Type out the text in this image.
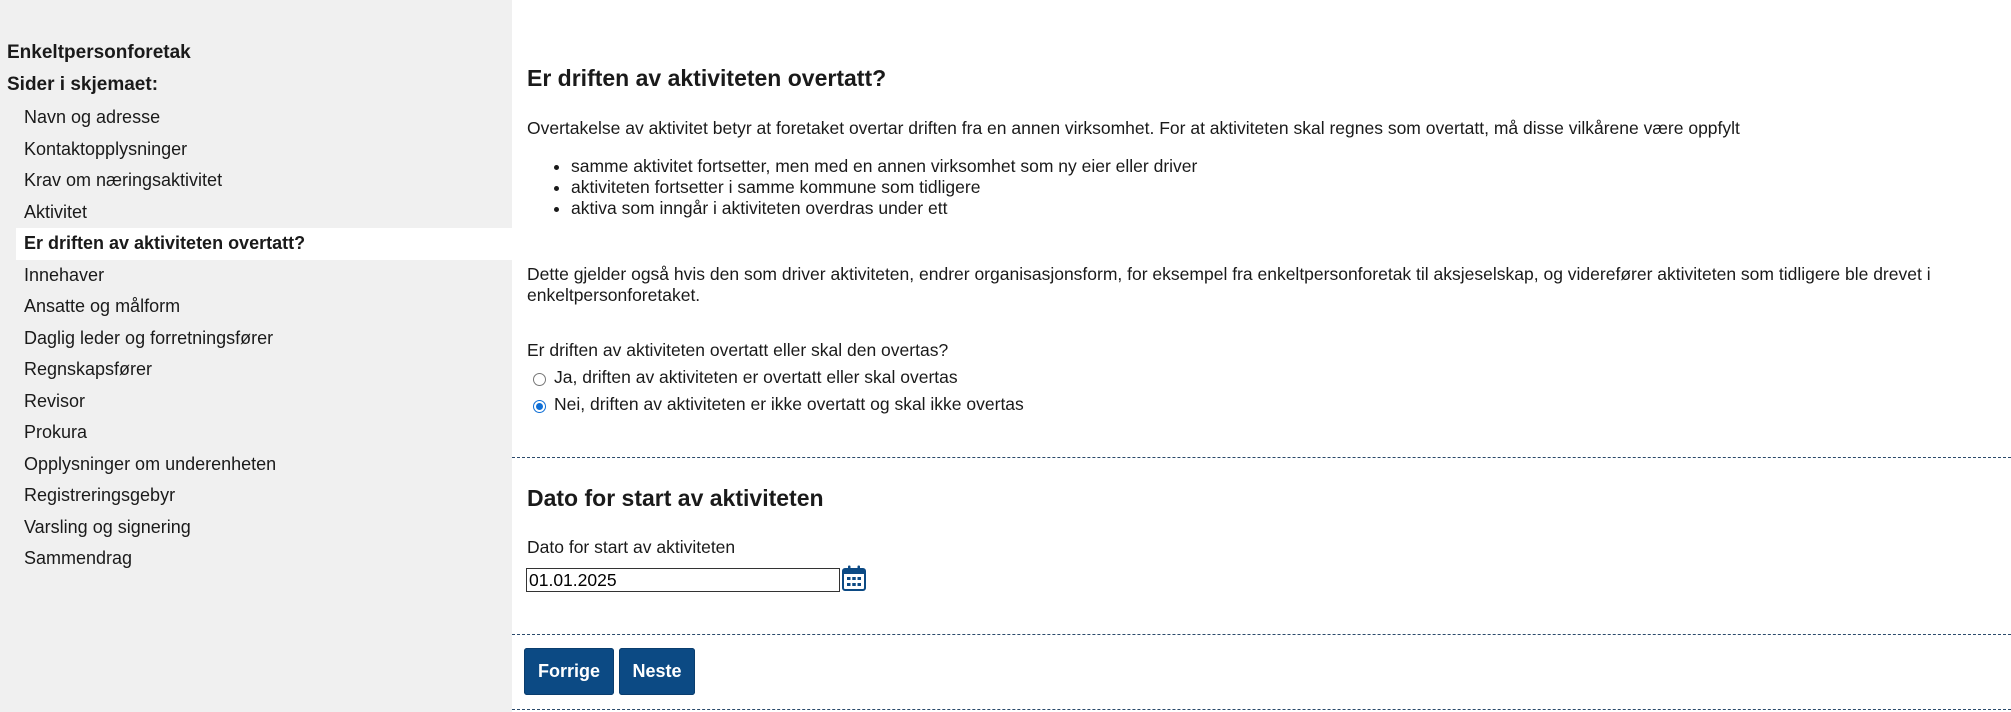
Enkeltpersonforetak
Sider i skjemaet:
Navn og adresse
Kontaktopplysninger
Krav om næringsaktivitet
Aktivitet
Er driften av aktiviteten overtatt?
Innehaver
Ansatte og målform
Daglig leder og forretningsfører
Regnskapsfører
Revisor
Prokura
Opplysninger om underenheten
Registreringsgebyr
Varsling og signering
Sammendrag
Er driften av aktiviteten overtatt?

Overtakelse av aktivitet betyr at foretaket overtar driften fra en annen virksomhet. For at aktiviteten skal regnes som overtatt, må disse vilkårene være oppfylt

• samme aktivitet fortsetter, men med en annen virksomhet som ny eier eller driver
• aktiviteten fortsetter i samme kommune som tidligere
• aktiva som inngår i aktiviteten overdras under ett

Dette gjelder også hvis den som driver aktiviteten, endrer organisasjonsform, for eksempel fra enkeltpersonforetak til aksjeselskap, og viderefører aktiviteten som tidligere ble drevet i enkeltpersonforetaket.

Er driften av aktiviteten overtatt eller skal den overtas?

Ja, driften av aktiviteten er overtatt eller skal overtas
Nei, driften av aktiviteten er ikke overtatt og skal ikke overtas
Dato for start av aktiviteten
Dato for start av aktiviteten
01.01.2025
Forrige	Neste
